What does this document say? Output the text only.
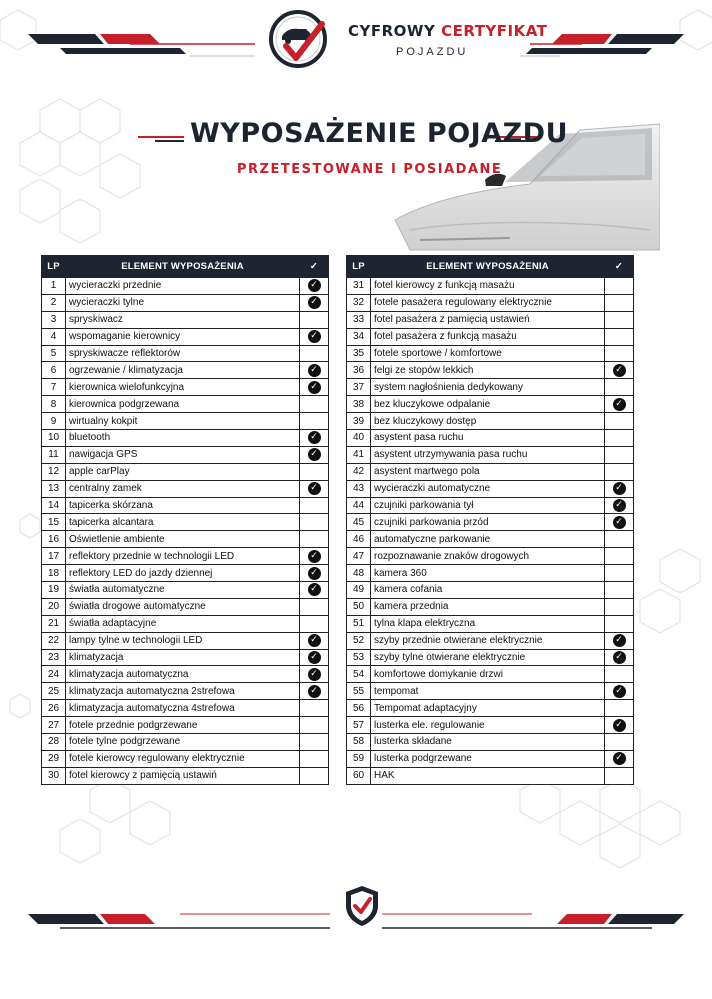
CYFROWY CERTYFIKAT
POJAZDU
WYPOSAŻENIE POJAZDU
PRZETESTOWANE I POSIADANE
LP	ELEMENT WYPOSAŻENIA	✓
1	wycieraczki przednie	✓
2	wycieraczki tylne	✓
3	spryskiwacz	
4	wspomaganie kierownicy	✓
5	spryskiwacze reflektorów	
6	ogrzewanie / klimatyzacja	✓
7	kierownica wielofunkcyjna	✓
8	kierownica podgrzewana	
9	wirtualny kokpit	
10	bluetooth	✓
11	nawigacja GPS	✓
12	apple carPlay	
13	centralny zamek	✓
14	tapicerka skórzana	
15	tapicerka alcantara	
16	Oświetlenie ambiente	
17	reflektory przednie w technologii LED	✓
18	reflektory LED do jazdy dziennej	✓
19	światła automatyczne	✓
20	światła drogowe automatyczne	
21	światła adaptacyjne	
22	lampy tylne w technologii LED	✓
23	klimatyzacja	✓
24	klimatyzacja automatyczna	✓
25	klimatyzacja automatyczna 2strefowa	✓
26	klimatyzacja automatyczna 4strefowa	
27	fotele przednie podgrzewane	
28	fotele tylne podgrzewane	
29	fotele kierowcy regulowany elektrycznie	
30	fotel kierowcy z pamięcią ustawiń	
LP	ELEMENT WYPOSAŻENIA	✓
31	fotel kierowcy z funkcją masażu	
32	fotele pasażera regulowany elektrycznie	
33	fotel pasażera z pamięcią ustawień	
34	fotel pasażera z funkcją masażu	
35	fotele sportowe / komfortowe	
36	felgi ze stopów lekkich	✓
37	system nagłośnienia dedykowany	
38	bez kluczykowe odpalanie	✓
39	bez kluczykowy dostęp	
40	asystent pasa ruchu	
41	asystent utrzymywania pasa ruchu	
42	asystent martwego pola	
43	wycieraczki automatyczne	✓
44	czujniki parkowania tył	✓
45	czujniki parkowania przód	✓
46	automatyczne parkowanie	
47	rozpoznawanie znaków drogowych	
48	kamera 360	
49	kamera cofania	
50	kamera przednia	
51	tylna klapa elektryczna	
52	szyby przednie otwierane elektrycznie	✓
53	szyby tylne otwierane elektrycznie	✓
54	komfortowe domykanie drzwi	
55	tempomat	✓
56	Tempomat adaptacyjny	
57	lusterka ele. regulowanie	✓
58	lusterka składane	
59	lusterka podgrzewane	✓
60	HAK	
